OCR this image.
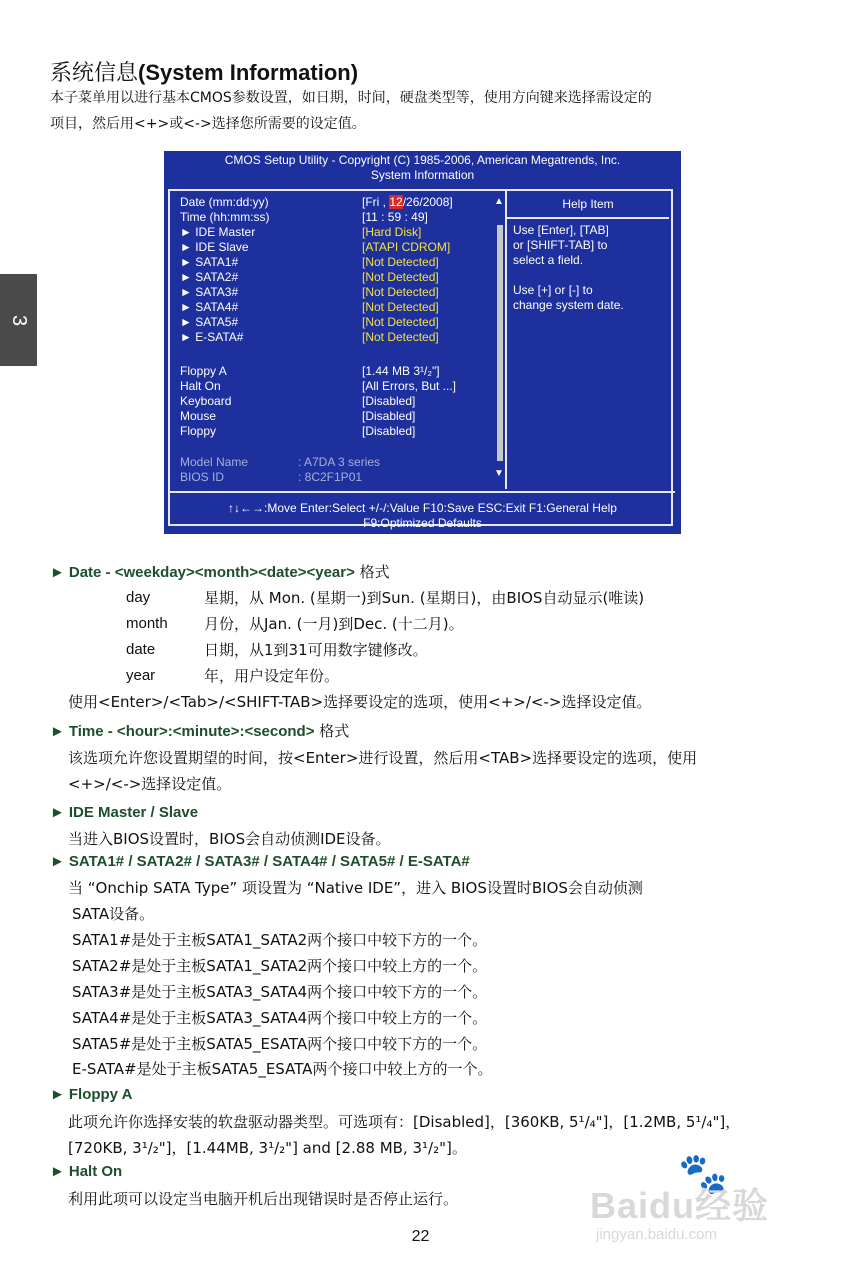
3
系统信息(System Information)
本子菜单用以进行基本CMOS参数设置，如日期，时间，硬盘类型等，使用方向键来选择需设定的
项目，然后用<+>或<->选择您所需要的设定值。
CMOS Setup Utility - Copyright (C) 1985-2006, American Megatrends, Inc.
System Information
Date (mm:dd:yy)	[Fri , 12/26/2008]
Time (hh:mm:ss)	[11 : 59 : 49]
► IDE Master	[Hard Disk]
► IDE Slave	[ATAPI CDROM]
► SATA1#	[Not Detected]
► SATA2#	[Not Detected]
► SATA3#	[Not Detected]
► SATA4#	[Not Detected]
► SATA5#	[Not Detected]
► E-SATA#	[Not Detected]
Floppy A	[1.44 MB 3¹/₂"]
Halt On	[All Errors, But ...]
Keyboard	[Disabled]
Mouse	[Disabled]
Floppy	[Disabled]
Model Name	: A7DA 3 series
BIOS ID	: 8C2F1P01
▲
▼
Help Item
Use [Enter], [TAB]
or [SHIFT-TAB] to
select a field.

Use [+] or [-] to
change system date.
↑↓←→:Move Enter:Select +/-/:Value F10:Save ESC:Exit F1:General Help
F9:Optimized Defaults
► Date - <weekday><month><date><year> 格式
day	星期，从 Mon. (星期一)到Sun. (星期日)，由BIOS自动显示(唯读)
month 月份，从Jan. (一月)到Dec. (十二月)。
date	日期，从1到31可用数字键修改。
year	年，用户设定年份。
使用<Enter>/<Tab>/<SHIFT-TAB>选择要设定的选项，使用<+>/<->选择设定值。
► Time - <hour>:<minute>:<second> 格式
该选项允许您设置期望的时间，按<Enter>进行设置，然后用<TAB>选择要设定的选项，使用
<+>/<->选择设定值。
► IDE Master / Slave
当进入BIOS设置时，BIOS会自动侦测IDE设备。
► SATA1# / SATA2# / SATA3# / SATA4# / SATA5# / E-SATA#
当 “Onchip SATA Type” 项设置为 “Native IDE”，进入 BIOS设置时BIOS会自动侦测
SATA设备。
SATA1#是处于主板SATA1_SATA2两个接口中较下方的一个。
SATA2#是处于主板SATA1_SATA2两个接口中较上方的一个。
SATA3#是处于主板SATA3_SATA4两个接口中较下方的一个。
SATA4#是处于主板SATA3_SATA4两个接口中较上方的一个。
SATA5#是处于主板SATA5_ESATA两个接口中较下方的一个。
E-SATA#是处于主板SATA5_ESATA两个接口中较上方的一个。
► Floppy A
此项允许你选择安装的软盘驱动器类型。可选项有：[Disabled]，[360KB, 5¹/₄"]，[1.2MB, 5¹/₄"]，
[720KB, 3¹/₂"]，[1.44MB, 3¹/₂"] and [2.88 MB, 3¹/₂"]。
► Halt On
利用此项可以设定当电脑开机后出现错误时是否停止运行。
22
🐾
Baidu经验
jingyan.baidu.com
